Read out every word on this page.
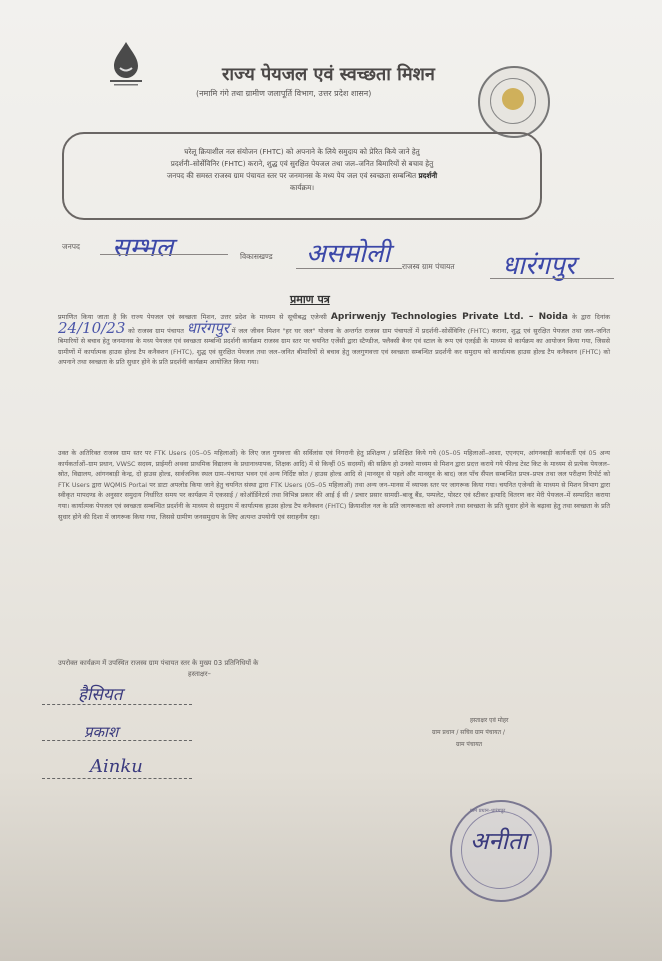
राज्य पेयजल एवं स्वच्छता मिशन
(नमामि गंगे तथा ग्रामीण जलापूर्ति विभाग, उत्तर प्रदेश शासन)
घरेलू क्रियाशील नल संयोजन (FHTC) को अपनाने के लिये समुदाय को प्रेरित किये जाने हेतु
प्रदर्शनी–सोर्सेविनिर (FHTC) कराने, शुद्ध एवं सुरक्षित पेयजल तथा जल–जनित बिमारियों से बचाव हेतु
जनपद की समस्त राजस्व ग्राम पंचायत स्तर पर जनमानस के मध्य पेय जल एवं स्वच्छता सम्बन्धित प्रदर्शनी
कार्यक्रम।
जनपद सम्भल	विकासखण्ड असमोली राजस्व ग्राम पंचायत धारंगपुर
प्रमाण पत्र
प्रमाणित किया जाता है कि राज्य पेयजल एवं स्वच्छता मिशन, उत्तर प्रदेश के माध्यम से सूचीबद्ध एजेन्सी Aprirwenjy Technologies Private Ltd. – Noida के द्वारा दिनांक 24/10/23 को राजस्व ग्राम पंचायत धारंगपुर में जल जीवन मिशन "हर घर जल" योजना के अन्तर्गत राजस्व ग्राम पंचायतों में प्रदर्शनी–सोर्सेविनिर (FHTC) कराना, शुद्ध एवं सुरक्षित पेयजल तथा जल–जनित बिमारियों से बचाव हेतु जनमानस के मध्य पेयजल एवं स्वच्छता सम्बन्धि प्रदर्शनी कार्यक्रम राजस्व ग्राम स्तर पर चयनित एजेंसी द्वारा स्टैण्डीज, फ्लैक्सी बैनर एवं स्टाल के रूप एवं एलईडी के माध्यम से कार्यक्रम का आयोजन किया गया, जिससे ग्रामीणों में कार्यात्मक हाउस होल्ड टैप कनैक्शन (FHTC), शुद्ध एवं सुरक्षित पेयजल तथा जल–जनित बीमारियों से बचाव हेतु जलगुणवत्ता एवं स्वच्छता सम्बन्धित प्रदर्शनी कर समुदाय को कार्यात्मक हाउस होल्ड टैप कनैक्शन (FHTC) को अपनाने तथा स्वच्छता के प्रति सुधार होने के प्रति प्रदर्शनी कार्यक्रम आयोजित किया गया।
उक्त के अतिरिक्त राजस्व ग्राम स्तर पर FTK Users (05–05 महिलाओं) के लिए जल गुणवत्ता की सर्विलांस एवं निगरानी हेतु प्रशिक्षण / प्रशिक्षित किये गये (05–05 महिलाओं–आशा, एएनएम, आंगनबाड़ी कार्यकर्ती एवं 05 अन्य कार्यकर्ताओं–ग्राम प्रधान, VWSC सदस्य, प्राईमरी अथवा प्राथमिक विद्यालय के प्रधानाध्यापक, शिक्षक आदि) में से किन्हीं 05 सदस्यों) की सक्रिय हो उनको माध्यम से मिशन द्वारा प्रदत्त कराये गये फील्ड टेस्ट किट के माध्यम से प्रत्येक पेयजल–स्रोत, विद्यालय, आंगनबाड़ी केन्द्र, दो हाउस होल्ड, सार्वजनिक स्थल ग्राम–पंचायत भवन एवं अन्य निर्दिष्ट स्रोत / हाउस होल्ड आदि से (मानसून से पहले और मानसून के बाद) जल पाँच सैंपल सम्बन्धित प्रपत्र–प्रपत्र तथा जल परीक्षण रिपोर्ट को FTK Users द्वारा WQMIS Portal पर डाटा अपलोड किया जाने हेतु चयनित संस्था द्वारा FTK Users (05–05 महिलाओं) तथा अन्य जन–मानस में व्यापक स्तर पर जागरूक किया गया। चयनित एजेन्सी के माध्यम से मिशन विभाग द्वारा स्वीकृत मापदण्ड के अनुसार समुदाय निर्धारित समय पर कार्यक्रम में एकसाई / कोऑर्डिनेटर्स तथा विभिन्न प्रकार की आई ई सी / प्रचार प्रसार सामग्री–बाजू बैंड, पम्पलेट, पोस्टर एवं स्टीकर इत्यादि वितरण कर मेरी पेयजल–में सम्पादित कराया गया। कार्यात्मक पेयजल एवं स्वच्छता सम्बन्धित प्रदर्शनी के माध्यम से समुदाय में कार्यात्मक हाउस होल्ड टैप कनैक्शन (FHTC) क्रियाशील नल के प्रति जागरूकता को अपनाने तथा स्वच्छता के प्रति सुधार होने के बढ़ावा हेतु तथा स्वच्छता के प्रति सुधार होने की दिशा में जागरूक किया गया, जिससे ग्रामीण जनसमुदाय के लिए अत्यन्त उपयोगी एवं सराहनीय रहा।
उपरोक्त कार्यक्रम में उपस्थित राजस्व ग्राम पंचायत स्तर के मुख्य 03 प्रतिनिधियों के
हस्ताक्षर–
हैसियत
प्रकाश
Ainku
हस्ताक्षर एवं मोहर
ग्राम प्रधान / सचिव ग्राम पंचायत /
ग्राम पंचायत
ग्राम प्रधान–धारंगपुर
अनीता
